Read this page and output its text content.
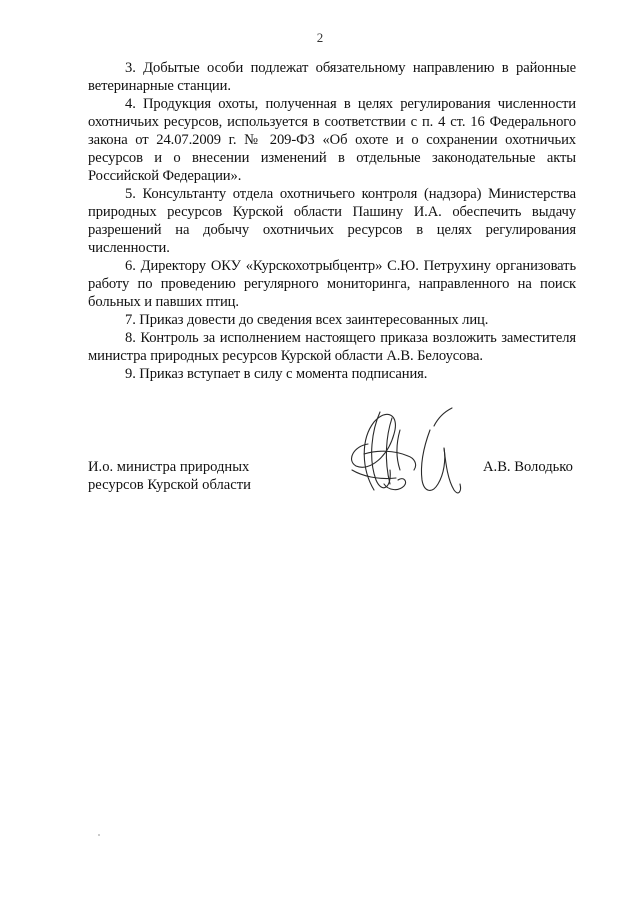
2

3. Добытые особи подлежат обязательному направлению в районные ветеринарные станции.

4. Продукция охоты, полученная в целях регулирования численности охотничьих ресурсов, используется в соответствии с п. 4 ст. 16 Федерального закона от 24.07.2009 г. № 209-ФЗ «Об охоте и о сохранении охотничьих ресурсов и о внесении изменений в отдельные законодательные акты Российской Федерации».

5. Консультанту отдела охотничьего контроля (надзора) Министерства природных ресурсов Курской области Пашину И.А. обеспечить выдачу разрешений на добычу охотничьих ресурсов в целях регулирования численности.

6. Директору ОКУ «Курскохотрыбцентр» С.Ю. Петрухину организовать работу по проведению регулярного мониторинга, направленного на поиск больных и павших птиц.

7. Приказ довести до сведения всех заинтересованных лиц.

8. Контроль за исполнением настоящего приказа возложить заместителя министра природных ресурсов Курской области А.В. Белоусова.

9. Приказ вступает в силу с момента подписания.

И.о. министра природных
ресурсов Курской области
А.В. Володько
